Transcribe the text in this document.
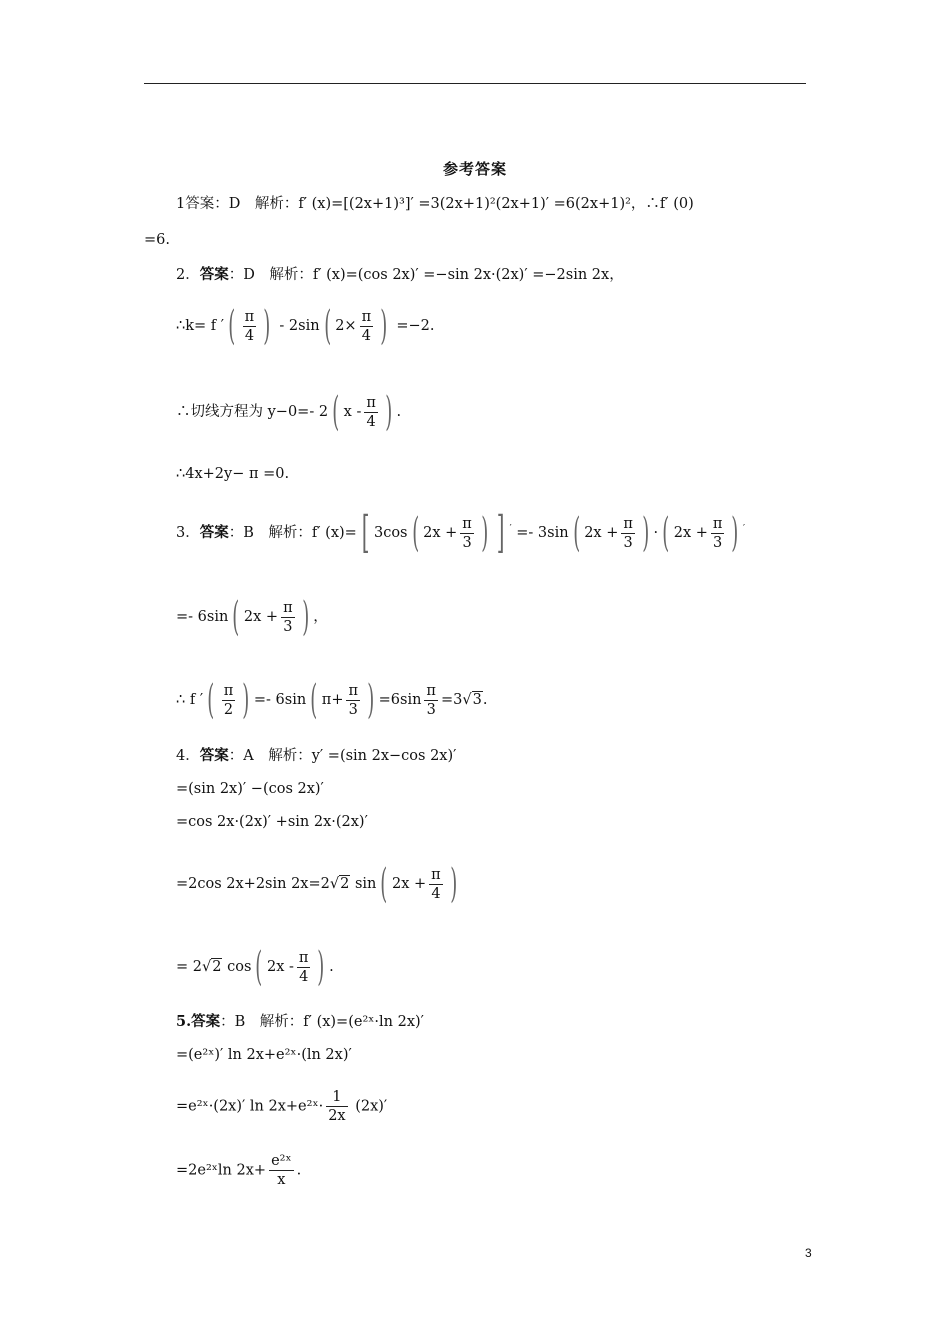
参考答案
1答案：D　解析：f′ (x)=[(2x+1)³]′ =3(2x+1)²(2x+1)′ =6(2x+1)²，∴f′ (0)
=6.
2．答案：D　解析：f′ (x)=(cos 2x)′ =−sin 2x·(2x)′ =−2sin 2x，
∴k= f ′ ( $\frac{\pi}{4}$ ) - 2sin ( $2\times \frac{\pi}{4}$ ) =−2.
∴切线方程为 y−0=- 2 ( x - $\frac{\pi}{4}$ ) .
∴4x+2y− π =0.
3．答案：B　解析：f′ (x)= [ 3cos ( $2x + \frac{\pi}{3}$ ) ] ′ =- 3sin ( $2x + \frac{\pi}{3}$ ) · ( $2x + \frac{\pi}{3}$ ) ′
=- 6sin ( $2x + \frac{\pi}{3}$ ) ，
∴ f ′ ( $\frac{\pi}{2}$ ) =- 6sin ( $\pi+ \frac{\pi}{3}$ ) $=6\sin \frac{\pi}{3} =3√3$.
4．答案：A　解析：y′ =(sin 2x−cos 2x)′
=(sin 2x)′ −(cos 2x)′
=cos 2x·(2x)′ +sin 2x·(2x)′
=2cos 2x+2sin 2x=2√2 sin ( $2x + \frac{\pi}{4}$ )
= 2√2 cos ( $2x - \frac{\pi}{4}$ ) .
5.答案：B　解析：f′ (x)=(e²ˣ·ln 2x)′
=(e²ˣ)′ ln 2x+e²ˣ·(ln 2x)′
=e²ˣ·(2x)′ ln 2x+e²ˣ· $\frac{1}{2x} (2x)'$
=2e²ˣln $2x+ \frac{\text{e²ˣ}}{x}$ .
3
